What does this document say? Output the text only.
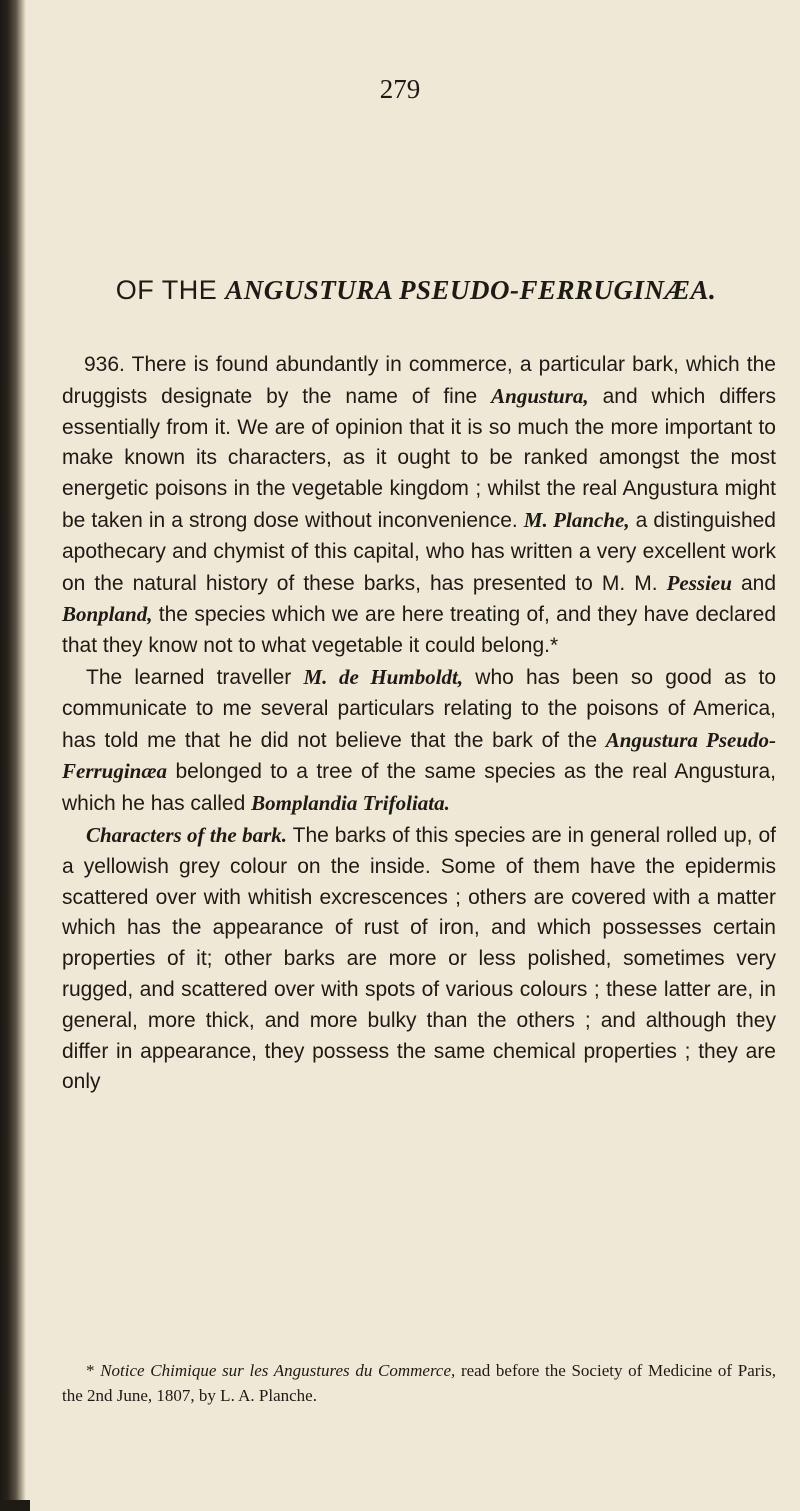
279
OF THE ANGUSTURA PSEUDO-FERRUGINÆA.

936. There is found abundantly in commerce, a particular bark, which the druggists designate by the name of fine Angustura, and which differs essentially from it. We are of opinion that it is so much the more important to make known its characters, as it ought to be ranked amongst the most energetic poisons in the vegetable kingdom ; whilst the real Angustura might be taken in a strong dose without inconvenience. M. Planche, a distinguished apothecary and chymist of this capital, who has written a very excellent work on the natural history of these barks, has presented to M. M. Pessieu and Bonpland, the species which we are here treating of, and they have declared that they know not to what vegetable it could belong.*

The learned traveller M. de Humboldt, who has been so good as to communicate to me several particulars relating to the poisons of America, has told me that he did not believe that the bark of the Angustura Pseudo-Ferruginæa belonged to a tree of the same species as the real Angustura, which he has called Bomplandia Trifoliata.

Characters of the bark. The barks of this species are in general rolled up, of a yellowish grey colour on the inside. Some of them have the epidermis scattered over with whitish excrescences ; others are covered with a matter which has the appearance of rust of iron, and which possesses certain properties of it; other barks are more or less polished, sometimes very rugged, and scattered over with spots of various colours ; these latter are, in general, more thick, and more bulky than the others ; and although they differ in appearance, they possess the same chemical properties ; they are only

* Notice Chimique sur les Angustures du Commerce, read before the Society of Medicine of Paris, the 2nd June, 1807, by L. A. Planche.
